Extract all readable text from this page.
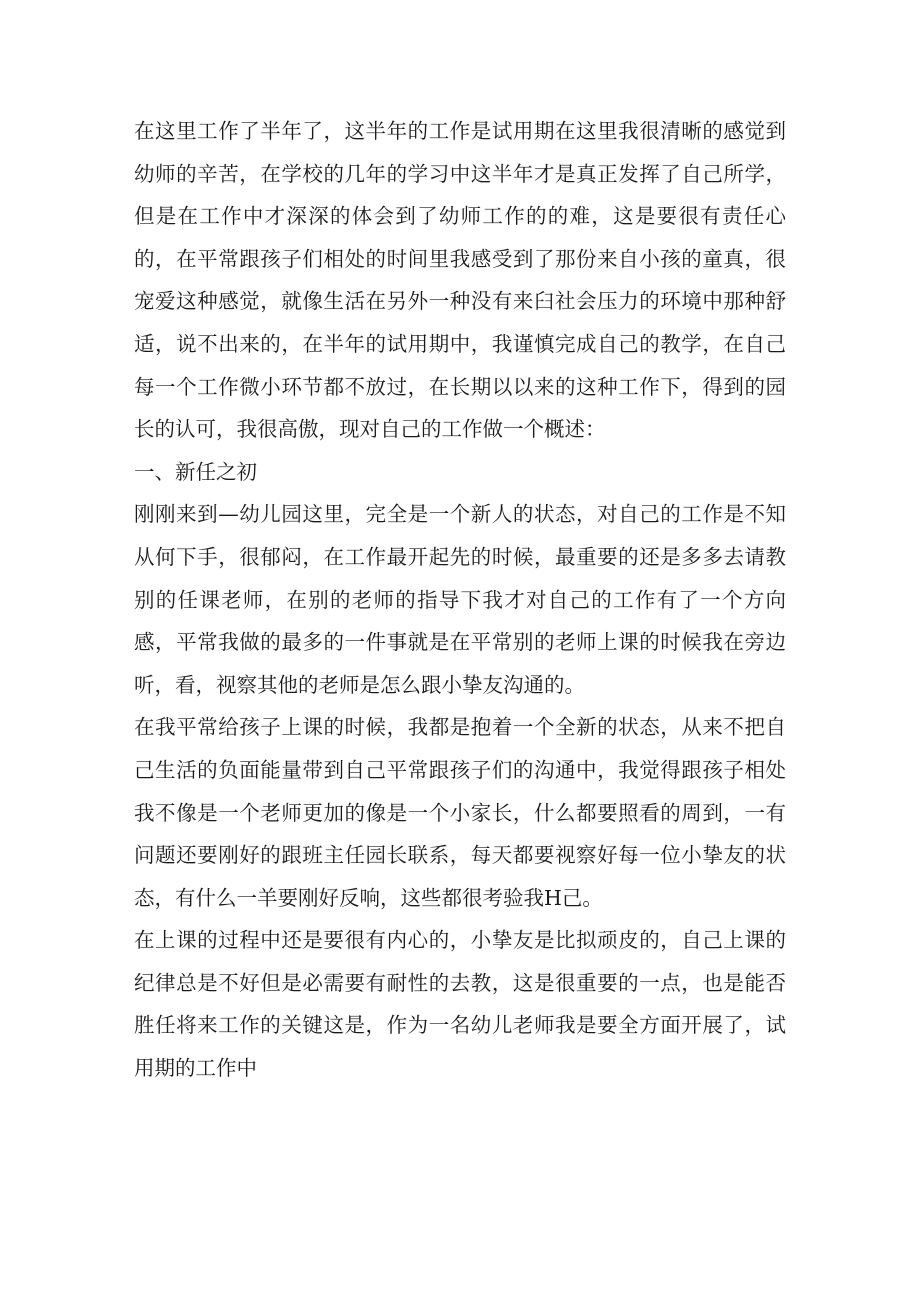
在这里工作了半年了，这半年的工作是试用期在这里我很清晰的感觉到幼师的辛苦，在学校的几年的学习中这半年才是真正发挥了自己所学，但是在工作中才深深的体会到了幼师工作的的难，这是要很有责任心的，在平常跟孩子们相处的时间里我感受到了那份来自小孩的童真，很宠爱这种感觉，就像生活在另外一种没有来臼社会压力的环境中那种舒适，说不出来的，在半年的试用期中，我谨慎完成自己的教学，在自己每一个工作微小环节都不放过，在长期以以来的这种工作下，得到的园长的认可，我很高傲，现对自己的工作做一个概述：

一、新任之初

刚刚来到—幼儿园这里，完全是一个新人的状态，对自己的工作是不知从何下手，很郁闷，在工作最开起先的时候，最重要的还是多多去请教别的任课老师，在别的老师的指导下我才对自己的工作有了一个方向感，平常我做的最多的一件事就是在平常别的老师上课的时候我在旁边听，看，视察其他的老师是怎么跟小挚友沟通的。

在我平常给孩子上课的时候，我都是抱着一个全新的状态，从来不把自己生活的负面能量带到自己平常跟孩子们的沟通中，我觉得跟孩子相处我不像是一个老师更加的像是一个小家长，什么都要照看的周到，一有问题还要刚好的跟班主任园长联系，每天都要视察好每一位小挚友的状态，有什么一羊要刚好反响，这些都很考验我H己。

在上课的过程中还是要很有内心的，小挚友是比拟顽皮的，自己上课的纪律总是不好但是必需要有耐性的去教，这是很重要的一点，也是能否胜任将来工作的关键这是，作为一名幼儿老师我是要全方面开展了，试用期的工作中
